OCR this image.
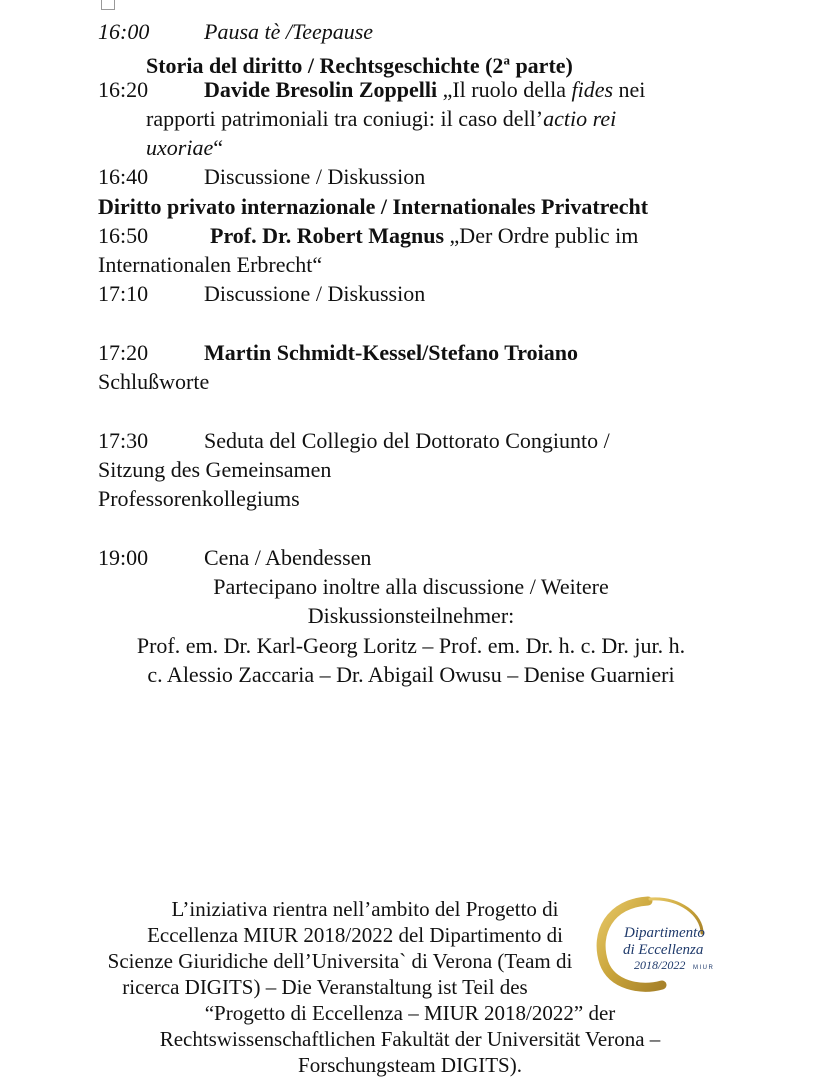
16:00 Pausa tè /Teepause
Storia del diritto / Rechtsgeschichte (2$^a$ parte)
16:20	Davide Bresolin Zoppelli „Il ruolo della fides nei
rapporti patrimoniali tra coniugi: il caso dell’actio rei
uxoriae“
16:40	Discussione / Diskussion
Diritto privato internazionale / Internationales Privatrecht
16:50	Prof. Dr. Robert Magnus „Der Ordre public im
Internationalen Erbrecht“
17:10	Discussione / Diskussion
17:20	Martin Schmidt-Kessel/Stefano Troiano
Schlußworte
17:30	Seduta del Collegio del Dottorato Congiunto /
Sitzung des Gemeinsamen
Professorenkollegiums
19:00	Cena / Abendessen
Partecipano inoltre alla discussione / Weitere
Diskussionsteilnehmer:
Prof. em. Dr. Karl-Georg Loritz – Prof. em. Dr. h. c. Dr. jur. h.
c. Alessio Zaccaria – Dr. Abigail Owusu – Denise Guarnieri
L’iniziativa rientra nell’ambito del Progetto di
Eccellenza MIUR 2018/2022 del Dipartimento di
Scienze Giuridiche dell’Universita` di Verona (Team di
ricerca DIGITS) – Die Veranstaltung ist Teil des
“Progetto di Eccellenza – MIUR 2018/2022” der
Rechtswissenschaftlichen Fakultät der Universität Verona –
Forschungsteam DIGITS).
Dipartimento
di Eccellenza
2018/2022 MIUR
